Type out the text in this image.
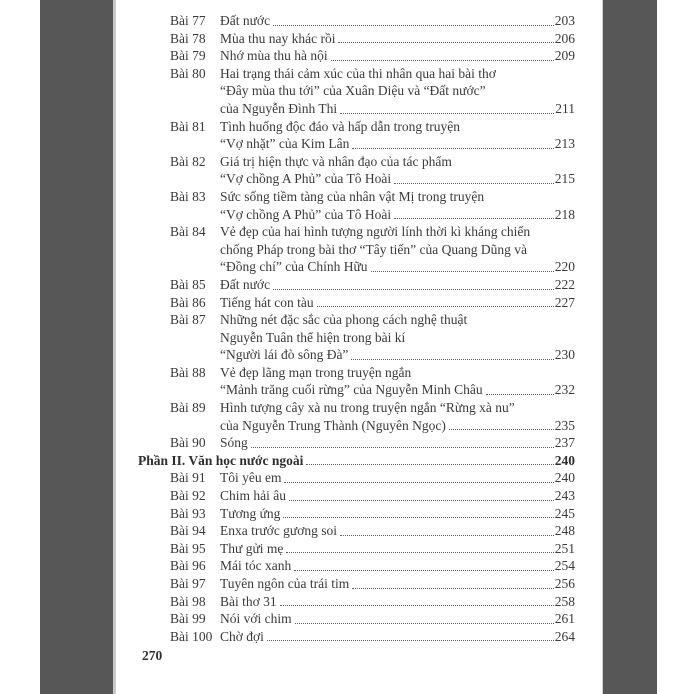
Bài 77	Đất nước	203
Bài 78	Mùa thu nay khác rồi	206
Bài 79	Nhớ mùa thu hà nội	209
Bài 80	Hai trạng thái cảm xúc của thi nhân qua hai bài thơ
“Đây mùa thu tới” của Xuân Diệu và “Đất nước”
của Nguyễn Đình Thi	211
Bài 81	Tình huống độc đáo và hấp dẫn trong truyện
“Vợ nhặt” của Kim Lân	213
Bài 82	Giá trị hiện thực và nhân đạo của tác phẩm
“Vợ chồng A Phủ” của Tô Hoài	215
Bài 83	Sức sống tiềm tàng của nhân vật Mị trong truyện
“Vợ chồng A Phủ” của Tô Hoài	218
Bài 84	Vẻ đẹp của hai hình tượng người lính thời kì kháng chiến
chống Pháp trong bài thơ “Tây tiến” của Quang Dũng và
“Đồng chí” của Chính Hữu	220
Bài 85	Đất nước	222
Bài 86	Tiếng hát con tàu	227
Bài 87	Những nét đặc sắc của phong cách nghệ thuật
Nguyễn Tuân thể hiện trong bài kí
“Người lái đò sông Đà”	230
Bài 88	Vẻ đẹp lãng mạn trong truyện ngắn
“Mảnh trăng cuối rừng” của Nguyễn Minh Châu	232
Bài 89	Hình tượng cây xà nu trong truyện ngắn “Rừng xà nu”
của Nguyễn Trung Thành (Nguyên Ngọc)	235
Bài 90	Sóng	237
Phần II. Văn học nước ngoài	240
Bài 91	Tôi yêu em	240
Bài 92	Chim hải âu	243
Bài 93	Tương ứng	245
Bài 94	Enxa trước gương soi	248
Bài 95	Thư gửi mẹ	251
Bài 96	Mái tóc xanh	254
Bài 97	Tuyên ngôn của trái tim	256
Bài 98	Bài thơ 31	258
Bài 99	Nói với chim	261
Bài 100 Chờ đợi	264
270
